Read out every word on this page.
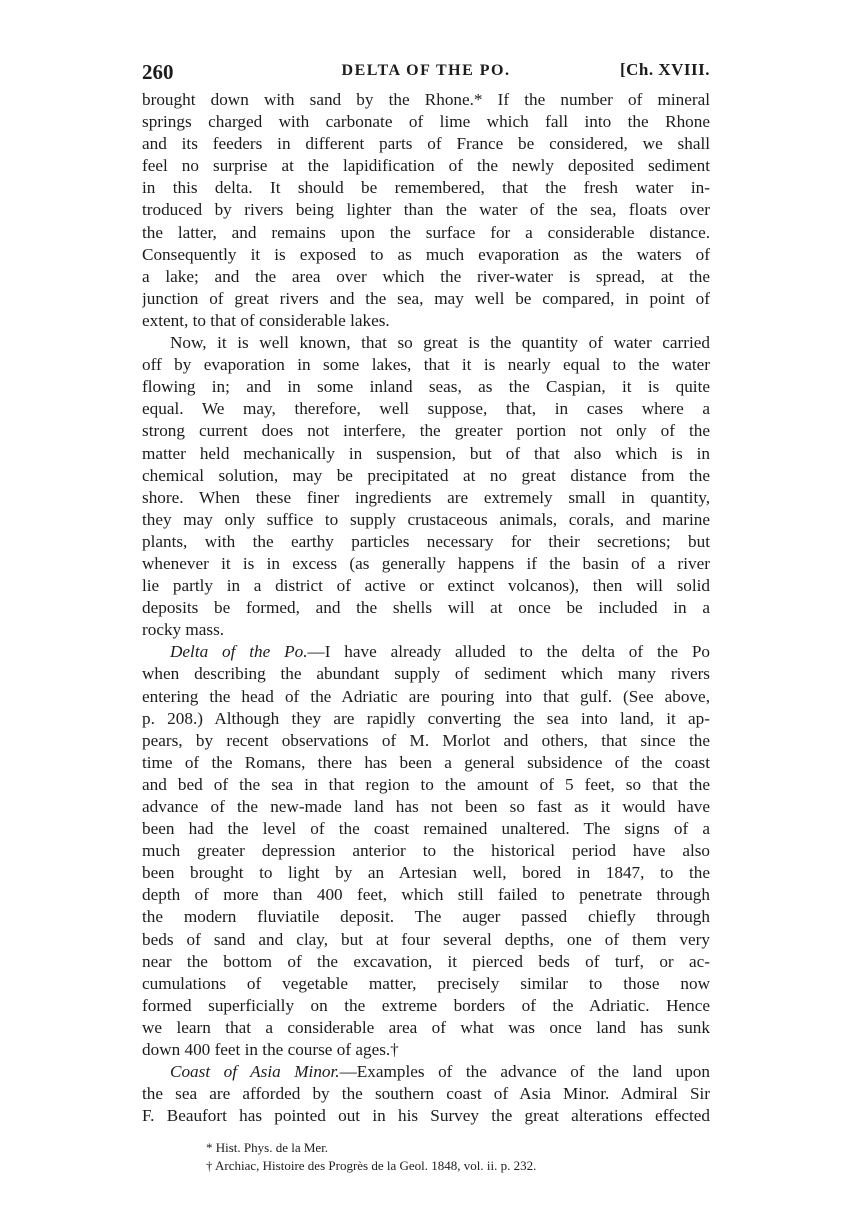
260	DELTA OF THE PO.	[Ch. XVIII.
brought down with sand by the Rhone.* If the number of mineral
springs charged with carbonate of lime which fall into the Rhone
and its feeders in different parts of France be considered, we shall
feel no surprise at the lapidification of the newly deposited sediment
in this delta. It should be remembered, that the fresh water in-
troduced by rivers being lighter than the water of the sea, floats over
the latter, and remains upon the surface for a considerable distance.
Consequently it is exposed to as much evaporation as the waters of
a lake; and the area over which the river-water is spread, at the
junction of great rivers and the sea, may well be compared, in point of
extent, to that of considerable lakes.
Now, it is well known, that so great is the quantity of water carried
off by evaporation in some lakes, that it is nearly equal to the water
flowing in; and in some inland seas, as the Caspian, it is quite
equal. We may, therefore, well suppose, that, in cases where a
strong current does not interfere, the greater portion not only of the
matter held mechanically in suspension, but of that also which is in
chemical solution, may be precipitated at no great distance from the
shore. When these finer ingredients are extremely small in quantity,
they may only suffice to supply crustaceous animals, corals, and marine
plants, with the earthy particles necessary for their secretions; but
whenever it is in excess (as generally happens if the basin of a river
lie partly in a district of active or extinct volcanos), then will solid
deposits be formed, and the shells will at once be included in a
rocky mass.
Delta of the Po.—I have already alluded to the delta of the Po
when describing the abundant supply of sediment which many rivers
entering the head of the Adriatic are pouring into that gulf. (See above,
p. 208.) Although they are rapidly converting the sea into land, it ap-
pears, by recent observations of M. Morlot and others, that since the
time of the Romans, there has been a general subsidence of the coast
and bed of the sea in that region to the amount of 5 feet, so that the
advance of the new-made land has not been so fast as it would have
been had the level of the coast remained unaltered. The signs of a
much greater depression anterior to the historical period have also
been brought to light by an Artesian well, bored in 1847, to the
depth of more than 400 feet, which still failed to penetrate through
the modern fluviatile deposit. The auger passed chiefly through
beds of sand and clay, but at four several depths, one of them very
near the bottom of the excavation, it pierced beds of turf, or ac-
cumulations of vegetable matter, precisely similar to those now
formed superficially on the extreme borders of the Adriatic. Hence
we learn that a considerable area of what was once land has sunk
down 400 feet in the course of ages.†
Coast of Asia Minor.—Examples of the advance of the land upon
the sea are afforded by the southern coast of Asia Minor. Admiral Sir
F. Beaufort has pointed out in his Survey the great alterations effected
* Hist. Phys. de la Mer.
† Archiac, Histoire des Progrès de la Geol. 1848, vol. ii. p. 232.
